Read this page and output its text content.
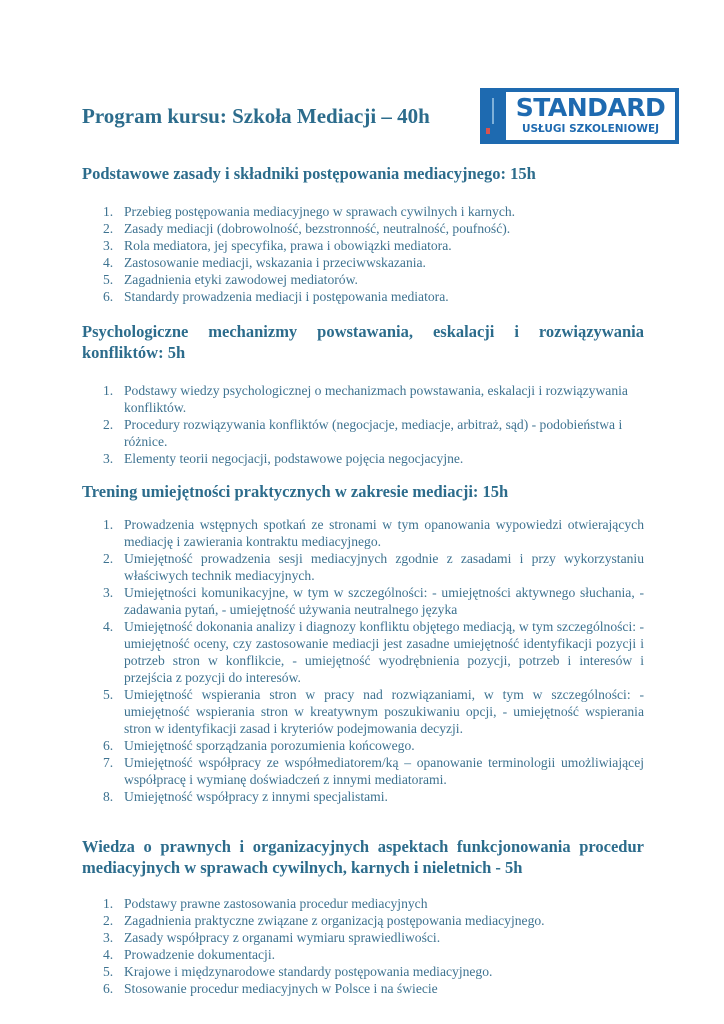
Program kursu: Szkoła Mediacji – 40h	STANDARD
USŁUGI SZKOLENIOWEJ
Podstawowe zasady i składniki postępowania mediacyjnego: 15h
1. Przebieg postępowania mediacyjnego w sprawach cywilnych i karnych.
2. Zasady mediacji (dobrowolność, bezstronność, neutralność, poufność).
3. Rola mediatora, jej specyfika, prawa i obowiązki mediatora.
4. Zastosowanie mediacji, wskazania i przeciwwskazania.
5. Zagadnienia etyki zawodowej mediatorów.
6. Standardy prowadzenia mediacji i postępowania mediatora.
Psychologiczne mechanizmy powstawania, eskalacji i rozwiązywania konfliktów: 5h
1. Podstawy wiedzy psychologicznej o mechanizmach powstawania, eskalacji i rozwiązywania konfliktów.
2. Procedury rozwiązywania konfliktów (negocjacje, mediacje, arbitraż, sąd) - podobieństwa i różnice.
3. Elementy teorii negocjacji, podstawowe pojęcia negocjacyjne.
Trening umiejętności praktycznych w zakresie mediacji: 15h
1. Prowadzenia wstępnych spotkań ze stronami w tym opanowania wypowiedzi otwierających mediację i zawierania kontraktu mediacyjnego.
2. Umiejętność prowadzenia sesji mediacyjnych zgodnie z zasadami i przy wykorzystaniu właściwych technik mediacyjnych.
3. Umiejętności komunikacyjne, w tym w szczególności: - umiejętności aktywnego słuchania, - zadawania pytań, - umiejętność używania neutralnego języka
4. Umiejętność dokonania analizy i diagnozy konfliktu objętego mediacją, w tym szczególności: - umiejętność oceny, czy zastosowanie mediacji jest zasadne umiejętność identyfikacji pozycji i potrzeb stron w konflikcie, - umiejętność wyodrębnienia pozycji, potrzeb i interesów i przejścia z pozycji do interesów.
5. Umiejętność wspierania stron w pracy nad rozwiązaniami, w tym w szczególności: - umiejętność wspierania stron w kreatywnym poszukiwaniu opcji, - umiejętność wspierania stron w identyfikacji zasad i kryteriów podejmowania decyzji.
6. Umiejętność sporządzania porozumienia końcowego.
7. Umiejętność współpracy ze współmediatorem/ką – opanowanie terminologii umożliwiającej współpracę i wymianę doświadczeń z innymi mediatorami.
8. Umiejętność współpracy z innymi specjalistami.
Wiedza o prawnych i organizacyjnych aspektach funkcjonowania procedur mediacyjnych w sprawach cywilnych, karnych i nieletnich - 5h
1. Podstawy prawne zastosowania procedur mediacyjnych
2. Zagadnienia praktyczne związane z organizacją postępowania mediacyjnego.
3. Zasady współpracy z organami wymiaru sprawiedliwości.
4. Prowadzenie dokumentacji.
5. Krajowe i międzynarodowe standardy postępowania mediacyjnego.
6. Stosowanie procedur mediacyjnych w Polsce i na świecie
